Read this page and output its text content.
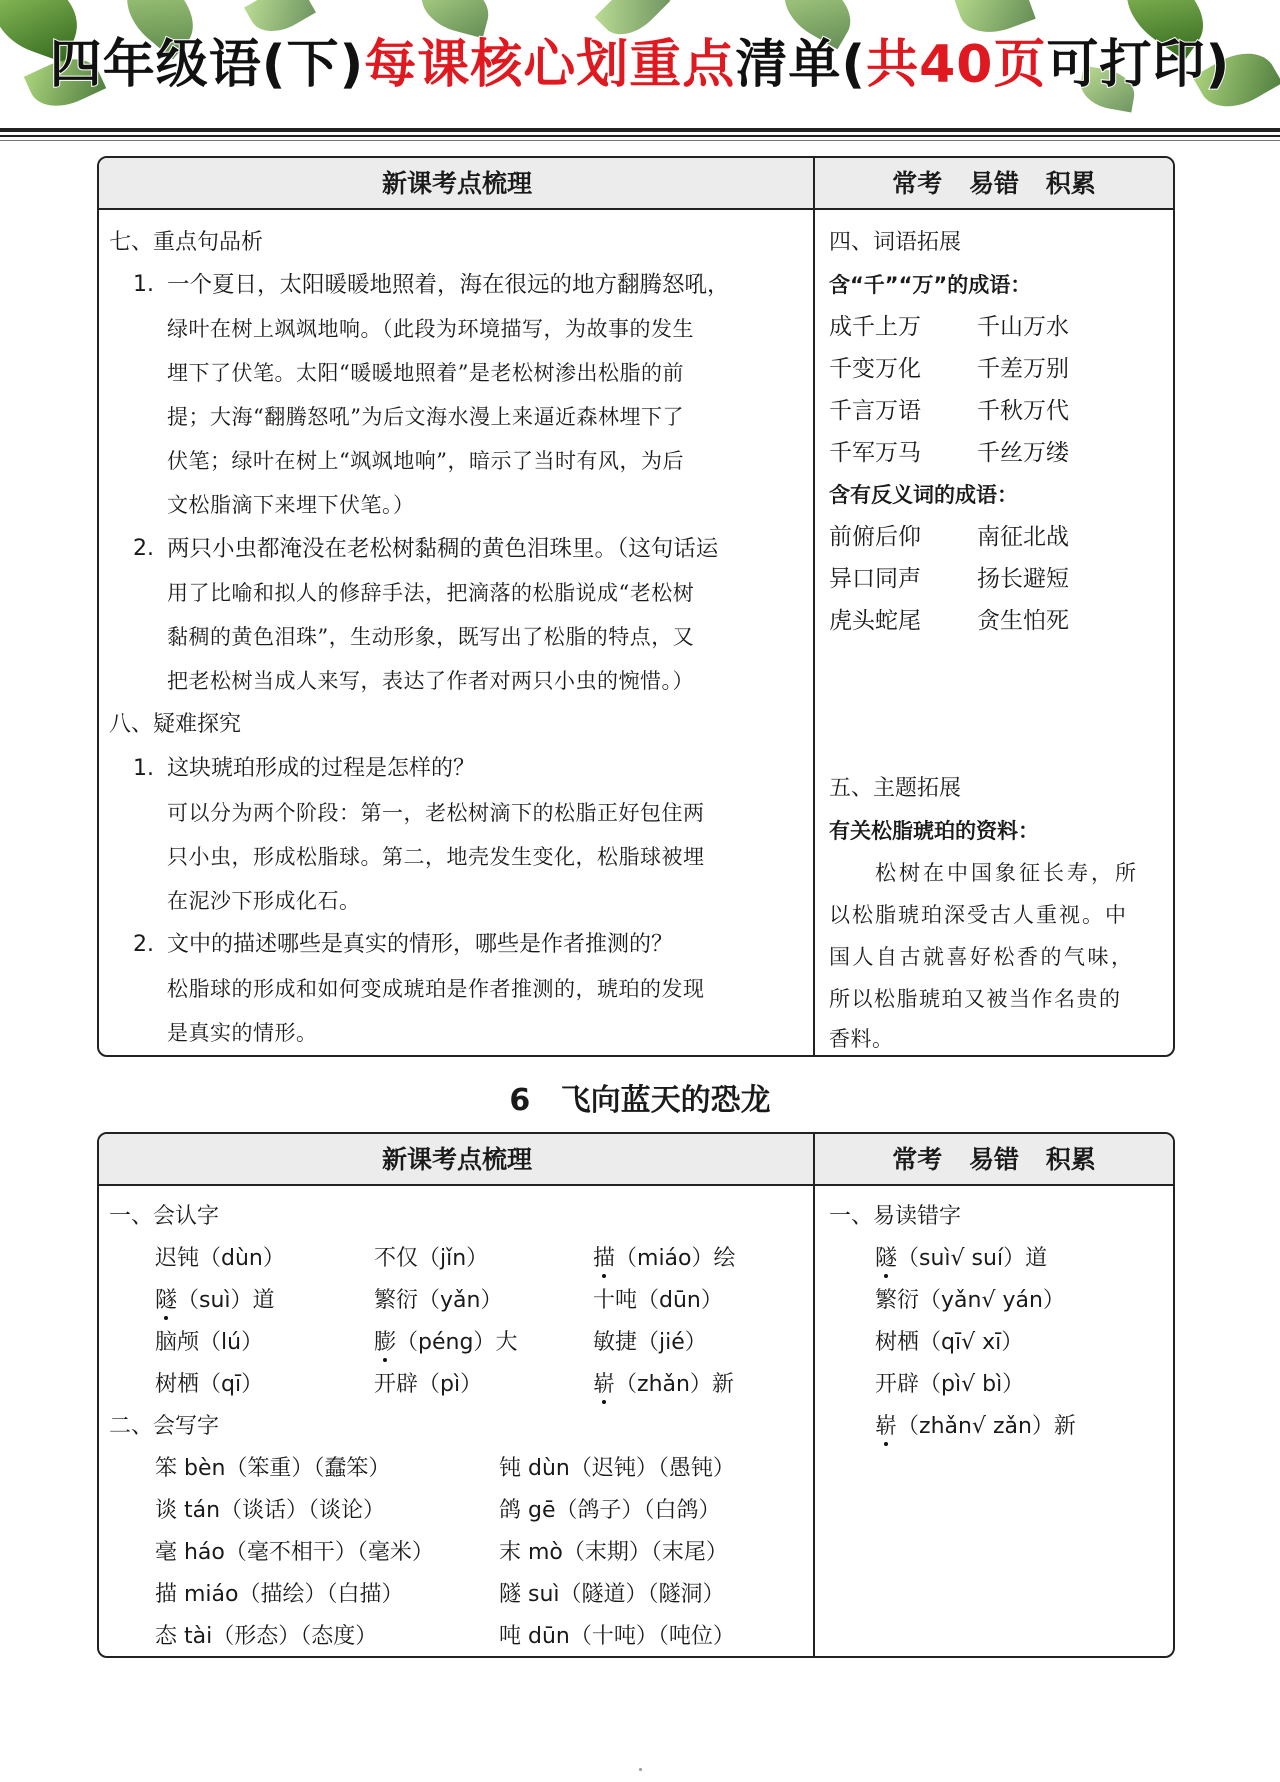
四年级语(下)每课核心划重点清单(共40页可打印)
新课考点梳理	常考 易错 积累
七、重点句品析
1. 一个夏日，太阳暖暖地照着，海在很远的地方翻腾怒吼，
绿叶在树上飒飒地响。（此段为环境描写，为故事的发生
埋下了伏笔。太阳“暖暖地照着”是老松树渗出松脂的前
提；大海“翻腾怒吼”为后文海水漫上来逼近森林埋下了
伏笔；绿叶在树上“飒飒地响”，暗示了当时有风，为后
文松脂滴下来埋下伏笔。）
2. 两只小虫都淹没在老松树黏稠的黄色泪珠里。（这句话运
用了比喻和拟人的修辞手法，把滴落的松脂说成“老松树
黏稠的黄色泪珠”，生动形象，既写出了松脂的特点，又
把老松树当成人来写，表达了作者对两只小虫的惋惜。）
八、疑难探究
1. 这块琥珀形成的过程是怎样的？
可以分为两个阶段：第一，老松树滴下的松脂正好包住两
只小虫，形成松脂球。第二，地壳发生变化，松脂球被埋
在泥沙下形成化石。
2. 文中的描述哪些是真实的情形，哪些是作者推测的？
松脂球的形成和如何变成琥珀是作者推测的，琥珀的发现
是真实的情形。
四、词语拓展
含“千”“万”的成语：
成千上万 千山万水
千变万化 千差万别
千言万语 千秋万代
千军万马 千丝万缕
含有反义词的成语：
前俯后仰 南征北战
异口同声 扬长避短
虎头蛇尾 贪生怕死
五、主题拓展
有关松脂琥珀的资料：
松树在中国象征长寿，所
以松脂琥珀深受古人重视。中
国人自古就喜好松香的气味，
所以松脂琥珀又被当作名贵的
香料。
6 飞向蓝天的恐龙
新课考点梳理	常考 易错 积累
一、会认字
迟钝（dùn）	不仅（jǐn）	描（miáo）绘
隧（suì）道	繁衍（yǎn）	十吨（dūn）
脑颅（lú）	膨（péng）大	敏捷（jié）
树栖（qī）	开辟（pì）	崭（zhǎn）新
二、会写字
笨 bèn（笨重）（蠢笨）	钝 dùn（迟钝）（愚钝）
谈 tán（谈话）（谈论）	鸽 gē（鸽子）（白鸽）
毫 háo（毫不相干）（毫米）	末 mò（末期）（末尾）
描 miáo（描绘）（白描）	隧 suì（隧道）（隧洞）
态 tài（形态）（态度）	吨 dūn（十吨）（吨位）
一、易读错字
隧（suì√ suí）道
繁衍（yǎn√ yán）
树栖（qī√ xī）
开辟（pì√ bì）
崭（zhǎn√ zǎn）新
